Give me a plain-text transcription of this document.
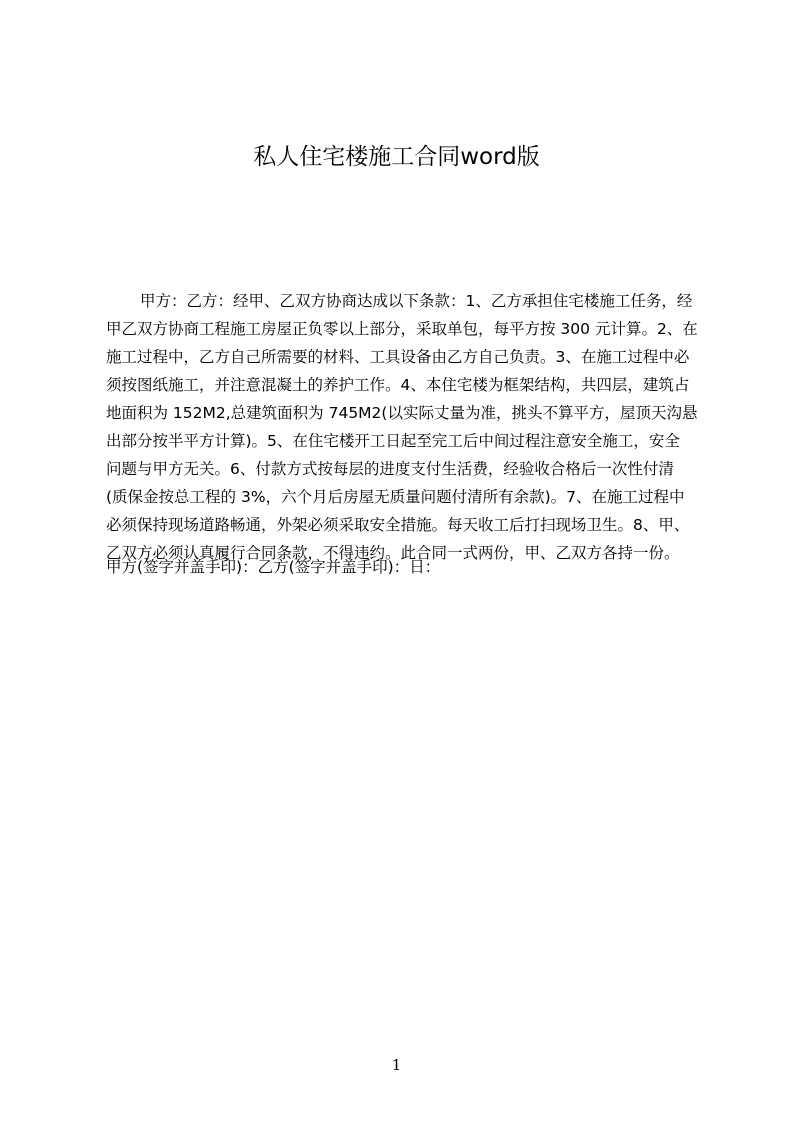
私人住宅楼施工合同word版
甲方：乙方：经甲、乙双方协商达成以下条款：1、乙方承担住宅楼施工任务，经
甲乙双方协商工程施工房屋正负零以上部分，采取单包，每平方按 300 元计算。2、在
施工过程中，乙方自己所需要的材料、工具设备由乙方自己负责。3、在施工过程中必
须按图纸施工，并注意混凝土的养护工作。4、本住宅楼为框架结构，共四层，建筑占
地面积为 152M2,总建筑面积为 745M2(以实际丈量为准，挑头不算平方，屋顶天沟悬
出部分按半平方计算)。5、在住宅楼开工日起至完工后中间过程注意安全施工，安全
问题与甲方无关。6、付款方式按每层的进度支付生活费，经验收合格后一次性付清
(质保金按总工程的 3%，六个月后房屋无质量问题付清所有余款)。7、在施工过程中
必须保持现场道路畅通，外架必须采取安全措施。每天收工后打扫现场卫生。8、甲、
乙双方必须认真履行合同条款，不得违约。此合同一式两份，甲、乙双方各持一份。
甲方(签字并盖手印)：乙方(签字并盖手印)：日：
1
